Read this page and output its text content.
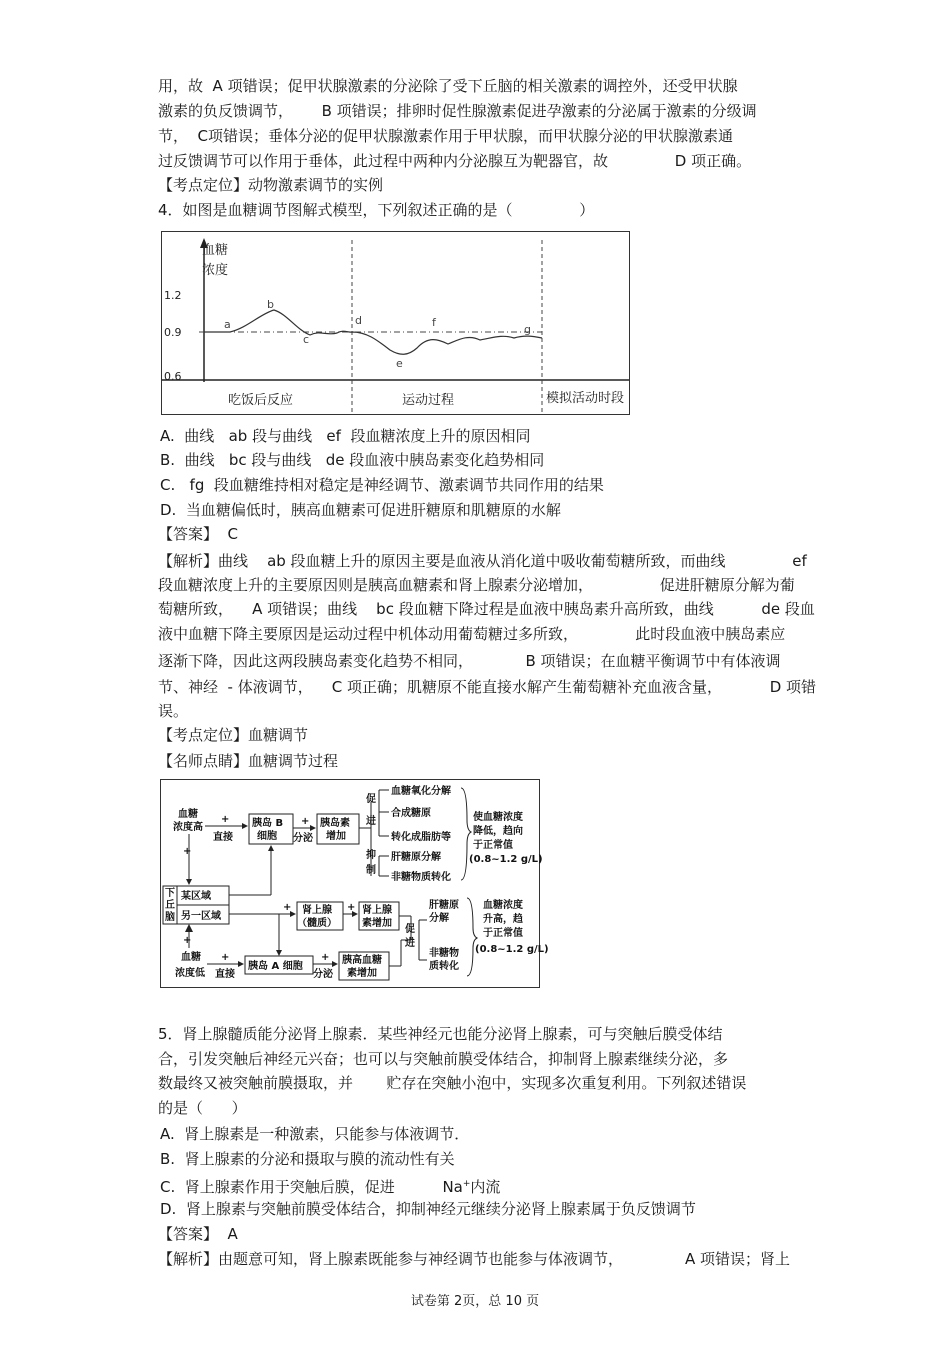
用，故  A 项错误；促甲状腺激素的分泌除了受下丘脑的相关激素的调控外，还受甲状腺
激素的负反馈调节，      B 项错误；排卵时促性腺激素促进孕激素的分泌属于激素的分级调
节，  C项错误；垂体分泌的促甲状腺激素作用于甲状腺，而甲状腺分泌的甲状腺激素通
过反馈调节可以作用于垂体，此过程中两种内分泌腺互为靶器官，故              D 项正确。
【考点定位】动物激素调节的实例
4．如图是血糖调节图解式模型，下列叙述正确的是（              ）
血糖
浓度
1.2
0.9
0.6
a
b
c
d
e
f
g
吃饭后反应	运动过程	模拟活动时段
A.  曲线   ab 段与曲线   ef  段血糖浓度上升的原因相同
B.  曲线   bc 段与曲线   de 段血液中胰岛素变化趋势相同
C.   fg  段血糖维持相对稳定是神经调节、激素调节共同作用的结果
D.  当血糖偏低时，胰高血糖素可促进肝糖原和肌糖原的水解
【答案】  C
【解析】曲线    ab 段血糖上升的原因主要是血液从消化道中吸收葡萄糖所致，而曲线              ef
段血糖浓度上升的主要原因则是胰高血糖素和肾上腺素分泌增加，              促进肝糖原分解为葡
萄糖所致，    A 项错误；曲线    bc 段血糖下降过程是血液中胰岛素升高所致，曲线          de 段血
液中血糖下降主要原因是运动过程中机体动用葡萄糖过多所致，            此时段血液中胰岛素应
逐渐下降，因此这两段胰岛素变化趋势不相同，           B 项错误；在血糖平衡调节中有体液调
节、神经  - 体液调节，    C 项正确；肌糖原不能直接水解产生葡萄糖补充血液含量，          D 项错
误。
【考点定位】血糖调节
【名师点睛】血糖调节过程
血糖
浓度高
+
直接
胰岛 B
细胞
+
分泌
胰岛素
增加
促
进
抑
制
血糖氧化分解
合成糖原
转化成脂肪等
肝糖原分解
非糖物质转化
使血糖浓度
降低，趋向
于正常值
(0.8~1.2 g/L)
+
下
丘
脑
某区域
另一区域
+ 肾上腺
（髓质）
+ 肾上腺
素增加
促
进
肝糖原
分解
非糖物
质转化
血糖浓度
升高，趋
于正常值
(0.8~1.2 g/L)
+
血糖
浓度低
+
直接
胰岛 A 细胞
+
分泌
胰高血糖
素增加
5．肾上腺髓质能分泌肾上腺素．某些神经元也能分泌肾上腺素，可与突触后膜受体结
合，引发突触后神经元兴奋；也可以与突触前膜受体结合，抑制肾上腺素继续分泌，多
数最终又被突触前膜摄取，并       贮存在突触小泡中，实现多次重复利用。下列叙述错误
的是（      ）
A.  肾上腺素是一种激素，只能参与体液调节．
B.  肾上腺素的分泌和摄取与膜的流动性有关
C.  肾上腺素作用于突触后膜，促进          Na+内流
D.  肾上腺素与突触前膜受体结合，抑制神经元继续分泌肾上腺素属于负反馈调节
【答案】  A
【解析】由题意可知，肾上腺素既能参与神经调节也能参与体液调节，             A 项错误；肾上
试卷第 2页，总 10 页
